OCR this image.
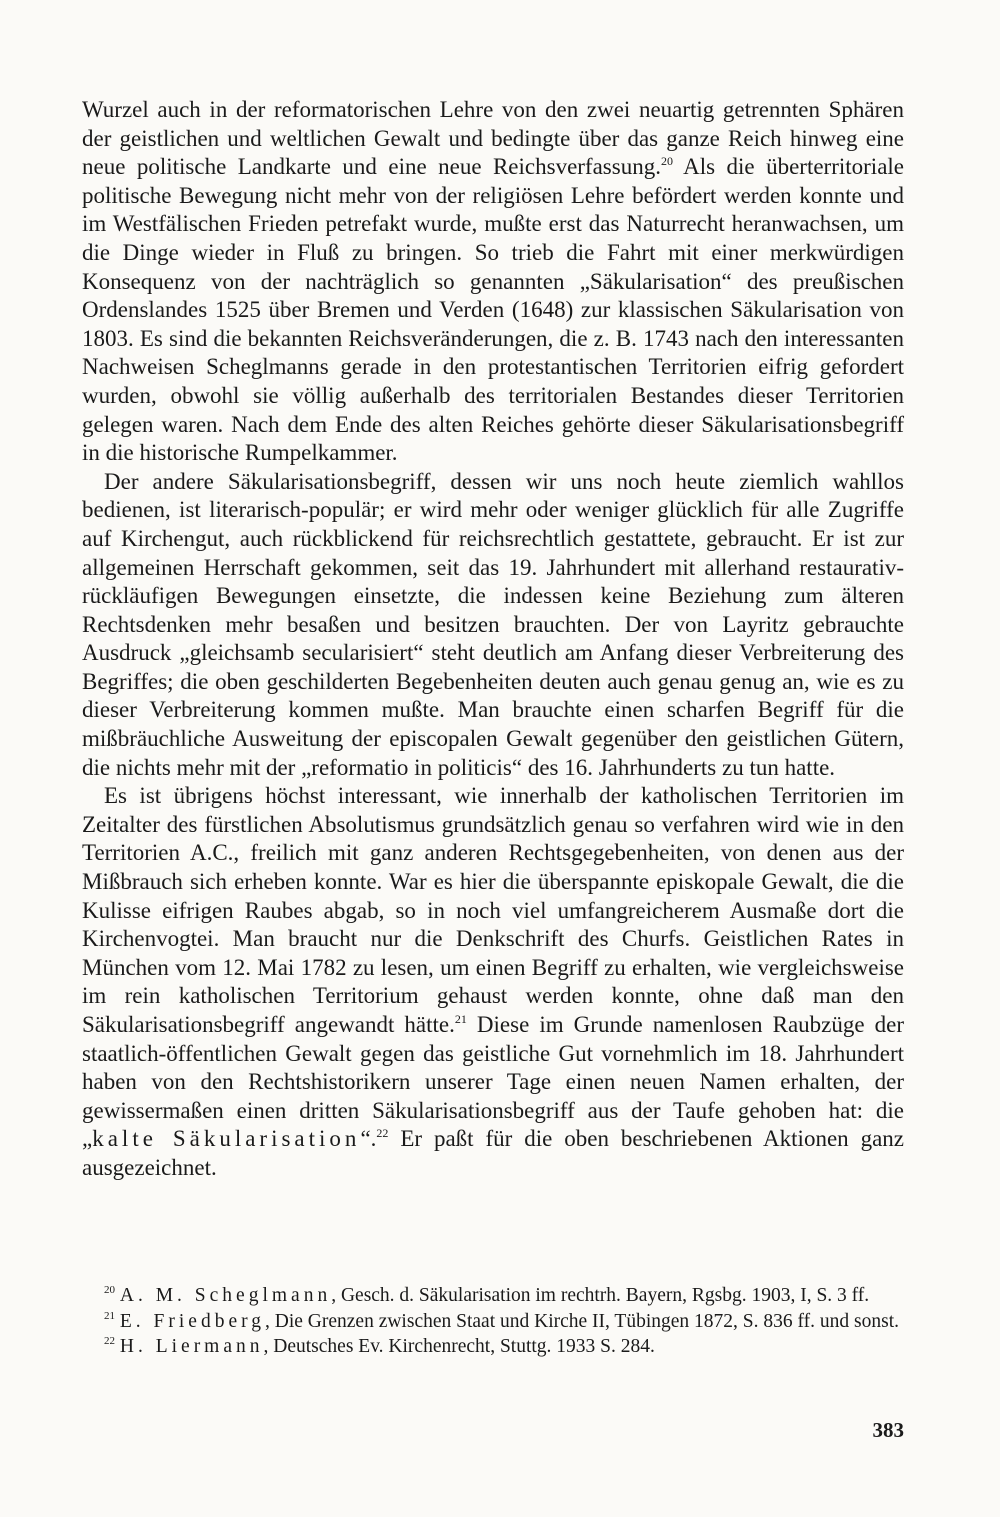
Wurzel auch in der reformatorischen Lehre von den zwei neuartig getrennten Sphären der geistlichen und weltlichen Gewalt und bedingte über das ganze Reich hinweg eine neue politische Landkarte und eine neue Reichsverfassung.$^{20}$ Als die überterritoriale politische Bewegung nicht mehr von der religiösen Lehre befördert werden konnte und im Westfälischen Frieden petrefakt wurde, mußte erst das Naturrecht heranwachsen, um die Dinge wieder in Fluß zu bringen. So trieb die Fahrt mit einer merkwürdigen Konsequenz von der nachträglich so genannten „Säkularisation“ des preußischen Ordenslandes 1525 über Bremen und Verden (1648) zur klassischen Säkularisation von 1803. Es sind die bekannten Reichsveränderungen, die z. B. 1743 nach den interessanten Nachweisen Scheglmanns gerade in den protestantischen Territorien eifrig gefordert wurden, obwohl sie völlig außerhalb des territorialen Bestandes dieser Territorien gelegen waren. Nach dem Ende des alten Reiches gehörte dieser Säkularisationsbegriff in die historische Rumpelkammer.

Der andere Säkularisationsbegriff, dessen wir uns noch heute ziemlich wahllos bedienen, ist literarisch-populär; er wird mehr oder weniger glücklich für alle Zugriffe auf Kirchengut, auch rückblickend für reichsrechtlich gestattete, gebraucht. Er ist zur allgemeinen Herrschaft gekommen, seit das 19. Jahrhundert mit allerhand restaurativ-rückläufigen Bewegungen einsetzte, die indessen keine Beziehung zum älteren Rechtsdenken mehr besaßen und besitzen brauchten. Der von Layritz gebrauchte Ausdruck „gleichsamb secularisiert“ steht deutlich am Anfang dieser Verbreiterung des Begriffes; die oben geschilderten Begebenheiten deuten auch genau genug an, wie es zu dieser Verbreiterung kommen mußte. Man brauchte einen scharfen Begriff für die mißbräuchliche Ausweitung der episcopalen Gewalt gegenüber den geistlichen Gütern, die nichts mehr mit der „reformatio in politicis“ des 16. Jahrhunderts zu tun hatte.

Es ist übrigens höchst interessant, wie innerhalb der katholischen Territorien im Zeitalter des fürstlichen Absolutismus grundsätzlich genau so verfahren wird wie in den Territorien A.C., freilich mit ganz anderen Rechtsgegebenheiten, von denen aus der Mißbrauch sich erheben konnte. War es hier die überspannte episkopale Gewalt, die die Kulisse eifrigen Raubes abgab, so in noch viel umfangreicherem Ausmaße dort die Kirchenvogtei. Man braucht nur die Denkschrift des Churfs. Geistlichen Rates in München vom 12. Mai 1782 zu lesen, um einen Begriff zu erhalten, wie vergleichsweise im rein katholischen Territorium gehaust werden konnte, ohne daß man den Säkularisationsbegriff angewandt hätte.$^{21}$ Diese im Grunde namenlosen Raubzüge der staatlich-öffentlichen Gewalt gegen das geistliche Gut vornehmlich im 18. Jahrhundert haben von den Rechtshistorikern unserer Tage einen neuen Namen erhalten, der gewissermaßen einen dritten Säkularisationsbegriff aus der Taufe gehoben hat: die „kalte Säkularisation“.$^{22}$ Er paßt für die oben beschriebenen Aktionen ganz ausgezeichnet.

$^{20}$ A. M. Scheglmann, Gesch. d. Säkularisation im rechtrh. Bayern, Rgsbg. 1903, I, S. 3 ff.

$^{21}$ E. Friedberg, Die Grenzen zwischen Staat und Kirche II, Tübingen 1872, S. 836 ff. und sonst.

$^{22}$ H. Liermann, Deutsches Ev. Kirchenrecht, Stuttg. 1933 S. 284.

383
